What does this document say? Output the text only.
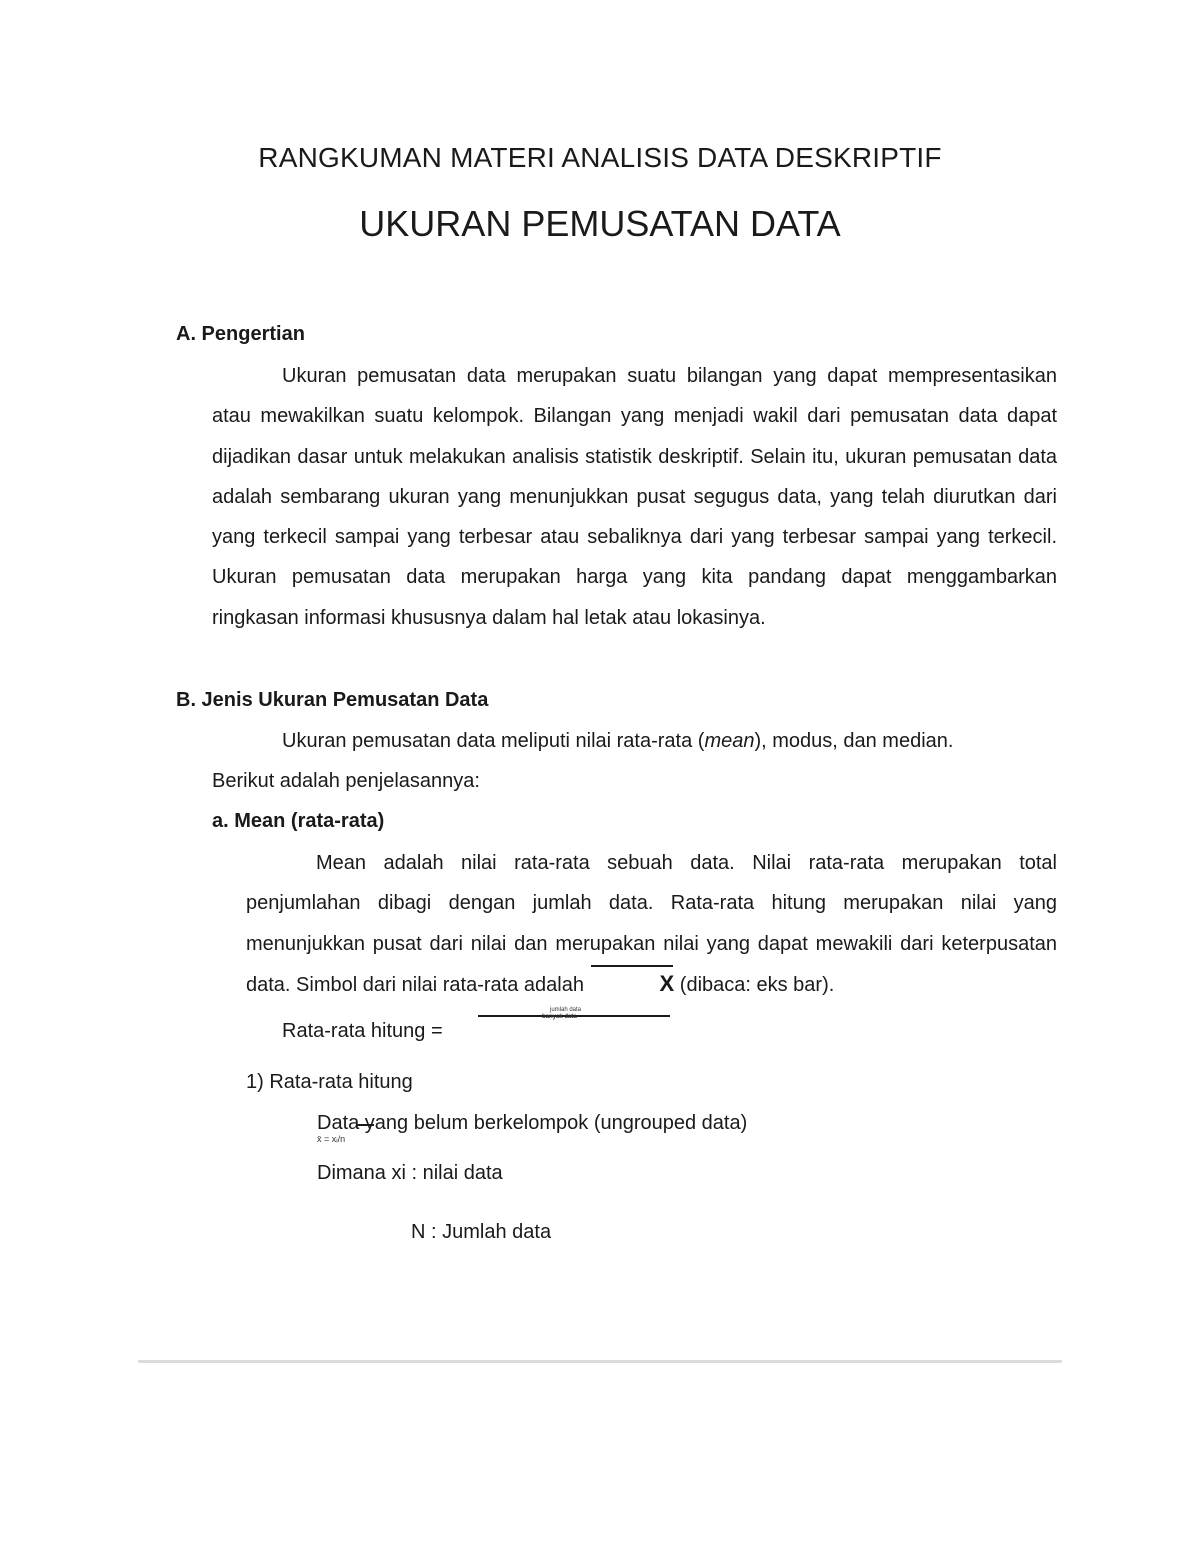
RANGKUMAN MATERI ANALISIS DATA DESKRIPTIF
UKURAN PEMUSATAN DATA
A. Pengertian

Ukuran pemusatan data merupakan suatu bilangan yang dapat mempresentasikan atau mewakilkan suatu kelompok. Bilangan yang menjadi wakil dari pemusatan data dapat dijadikan dasar untuk melakukan analisis statistik deskriptif. Selain itu, ukuran pemusatan data adalah sembarang ukuran yang menunjukkan pusat segugus data, yang telah diurutkan dari yang terkecil sampai yang terbesar atau sebaliknya dari yang terbesar sampai yang terkecil. Ukuran pemusatan data merupakan harga yang kita pandang dapat menggambarkan ringkasan informasi khususnya dalam hal letak atau lokasinya.

B. Jenis Ukuran Pemusatan Data
Ukuran pemusatan data meliputi nilai rata-rata (mean), modus, dan median.
Berikut adalah penjelasannya:
a. Mean (rata-rata)

Mean adalah nilai rata-rata sebuah data. Nilai rata-rata merupakan total penjumlahan dibagi dengan jumlah data. Rata-rata hitung merupakan nilai yang menunjukkan pusat dari nilai dan merupakan nilai yang dapat mewakili dari keterpusatan data. Simbol dari nilai rata-rata adalah	X (dibaca: eks bar).

Rata-rata hitung =
jumlah data
banyak data
1) Rata-rata hitung
Data yang belum berkelompok (ungrouped data)
x̄ = xᵢ/n
Dimana xi : nilai data
N : Jumlah data
